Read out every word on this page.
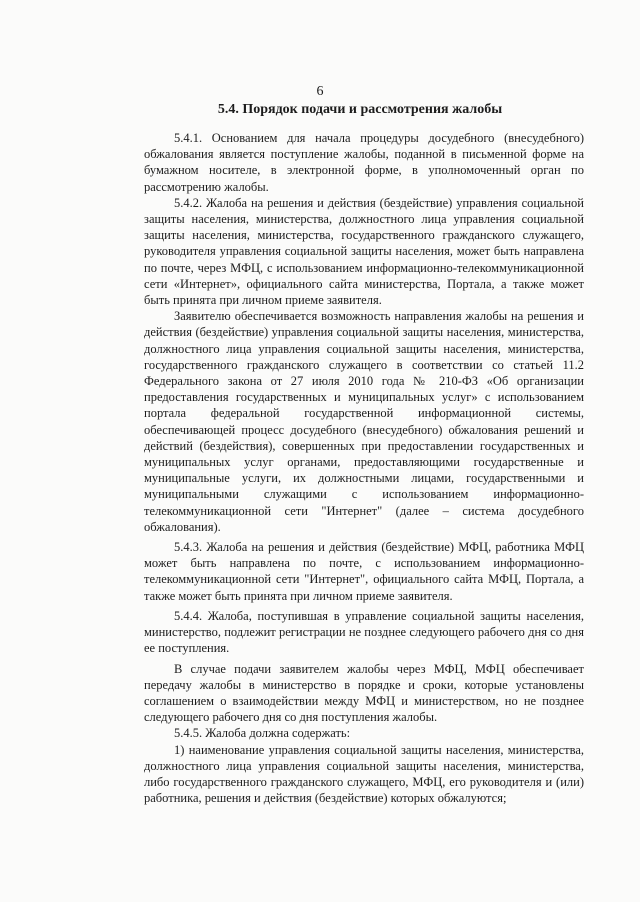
6
5.4. Порядок подачи и рассмотрения жалобы

5.4.1. Основанием для начала процедуры досудебного (внесудебного) обжалования является поступление жалобы, поданной в письменной форме на бумажном носителе, в электронной форме, в уполномоченный орган по рассмотрению жалобы.

5.4.2. Жалоба на решения и действия (бездействие) управления социальной защиты населения, министерства, должностного лица управления социальной защиты населения, министерства, государственного гражданского служащего, руководителя управления социальной защиты населения, может быть направлена по почте, через МФЦ, с использованием информационно-телекоммуникационной сети «Интернет», официального сайта министерства, Портала, а также может быть принята при личном приеме заявителя.

Заявителю обеспечивается возможность направления жалобы на решения и действия (бездействие) управления социальной защиты населения, министерства, должностного лица управления социальной защиты населения, министерства, государственного гражданского служащего в соответствии со статьей 11.2 Федерального закона от 27 июля 2010 года № 210-ФЗ «Об организации предоставления государственных и муниципальных услуг» с использованием портала федеральной государственной информационной системы, обеспечивающей процесс досудебного (внесудебного) обжалования решений и действий (бездействия), совершенных при предоставлении государственных и муниципальных услуг органами, предоставляющими государственные и муниципальные услуги, их должностными лицами, государственными и муниципальными служащими с использованием информационно-телекоммуникационной сети "Интернет" (далее – система досудебного обжалования).

5.4.3. Жалоба на решения и действия (бездействие) МФЦ, работника МФЦ может быть направлена по почте, с использованием информационно-телекоммуникационной сети "Интернет", официального сайта МФЦ, Портала, а также может быть принята при личном приеме заявителя.

5.4.4. Жалоба, поступившая в управление социальной защиты населения, министерство, подлежит регистрации не позднее следующего рабочего дня со дня ее поступления.

В случае подачи заявителем жалобы через МФЦ, МФЦ обеспечивает передачу жалобы в министерство в порядке и сроки, которые установлены соглашением о взаимодействии между МФЦ и министерством, но не позднее следующего рабочего дня со дня поступления жалобы.

5.4.5. Жалоба должна содержать:

1) наименование управления социальной защиты населения, министерства, должностного лица управления социальной защиты населения, министерства, либо государственного гражданского служащего, МФЦ, его руководителя и (или) работника, решения и действия (бездействие) которых обжалуются;
